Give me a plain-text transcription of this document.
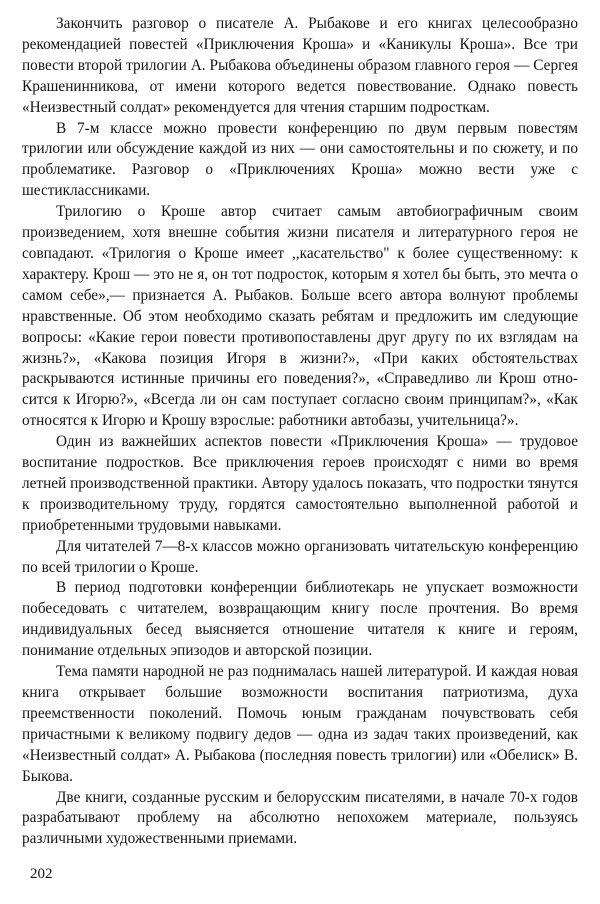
Закончить разговор о писателе А. Рыбакове и его книгах целесообразно рекомендацией повестей «Приключения Кроша» и «Каникулы Кроша». Все три повести второй трилогии А. Рыбакова объединены образом главного героя — Сергея Крашенинникова, от имени которого ведется повествование. Однако повесть «Неизвестный солдат» рекомендуется для чтения старшим подросткам.

В 7-м классе можно провести конференцию по двум первым повестям трилогии или обсуждение каждой из них — они самостоятельны и по сюжету, и по проблематике. Разговор о «Приключениях Кроша» можно вести уже с шестиклассниками.

Трилогию о Кроше автор считает самым автобиографичным своим произведением, хотя внешне события жизни писателя и литературного героя не совпадают. «Трилогия о Кроше имеет ,,касательство" к более существенному: к характеру. Крош — это не я, он тот подросток, которым я хотел бы быть, это мечта о самом себе»,— признается А. Рыбаков. Больше всего автора волнуют проблемы нравственные. Об этом необходимо сказать ребятам и предложить им следующие вопросы: «Какие герои повести противопоставлены друг другу по их взглядам на жизнь?», «Какова позиция Игоря в жизни?», «При каких обстоятельствах раскрываются истинные причины его поведения?», «Справедливо ли Крош относится к Игорю?», «Всегда ли он сам поступает согласно своим принципам?», «Как относятся к Игорю и Крошу взрослые: работники автобазы, учительница?».

Один из важнейших аспектов повести «Приключения Кроша» — трудовое воспитание подростков. Все приключения героев происходят с ними во время летней производственной практики. Автору удалось показать, что подростки тянутся к производительному труду, гордятся самостоятельно выполненной работой и приобретенными трудовыми навыками.

Для читателей 7—8-х классов можно организовать читательскую конференцию по всей трилогии о Кроше.

В период подготовки конференции библиотекарь не упускает возможности побеседовать с читателем, возвращающим книгу после прочтения. Во время индивидуальных бесед выясняется отношение читателя к книге и героям, понимание отдельных эпизодов и авторской позиции.

Тема памяти народной не раз поднималась нашей литературой. И каждая новая книга открывает большие возможности воспитания патриотизма, духа преемственности поколений. Помочь юным гражданам почувствовать себя причастными к великому подвигу дедов — одна из задач таких произведений, как «Неизвестный солдат» А. Рыбакова (последняя повесть трилогии) или «Обелиск» В. Быкова.

Две книги, созданные русским и белорусским писателями, в начале 70-х годов разрабатывают проблему на абсолютно непохожем материале, пользуясь различными художественными приемами.

202
